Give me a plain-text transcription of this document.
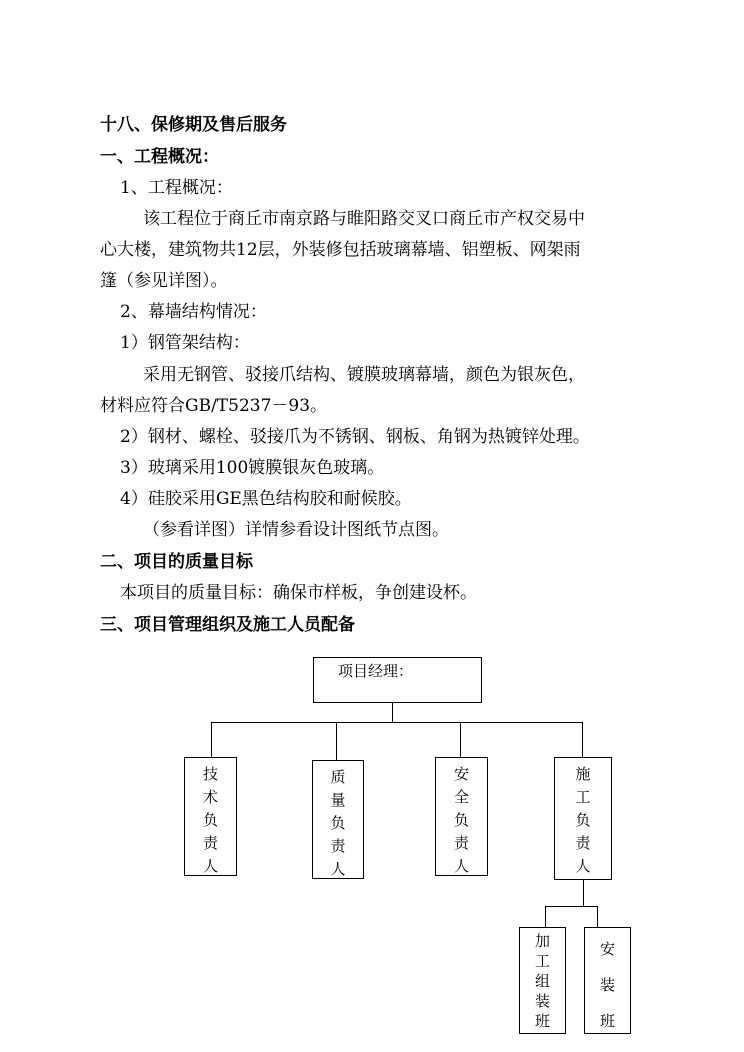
十八、保修期及售后服务
一、工程概况：
1、工程概况：
该工程位于商丘市南京路与睢阳路交叉口商丘市产权交易中
心大楼，建筑物共12层，外装修包括玻璃幕墙、铝塑板、网架雨
篷（参见详图）。
2、幕墙结构情况：
1）钢管架结构：
采用无钢管、驳接爪结构、镀膜玻璃幕墙，颜色为银灰色，
材料应符合GB/T5237－93。
2）钢材、螺栓、驳接爪为不锈钢、钢板、角钢为热镀锌处理。
3）玻璃采用100镀膜银灰色玻璃。
4）硅胶采用GE黑色结构胶和耐候胶。
（参看详图）详情参看设计图纸节点图。
二、项目的质量目标
本项目的质量目标：确保市样板，争创建设杯。
三、项目管理组织及施工人员配备
项目经理：
技
术
负
责
人
质
量
负
责
人
安
全
负
责
人
施
工
负
责
人
加
工
组
装
班
安
装
班
